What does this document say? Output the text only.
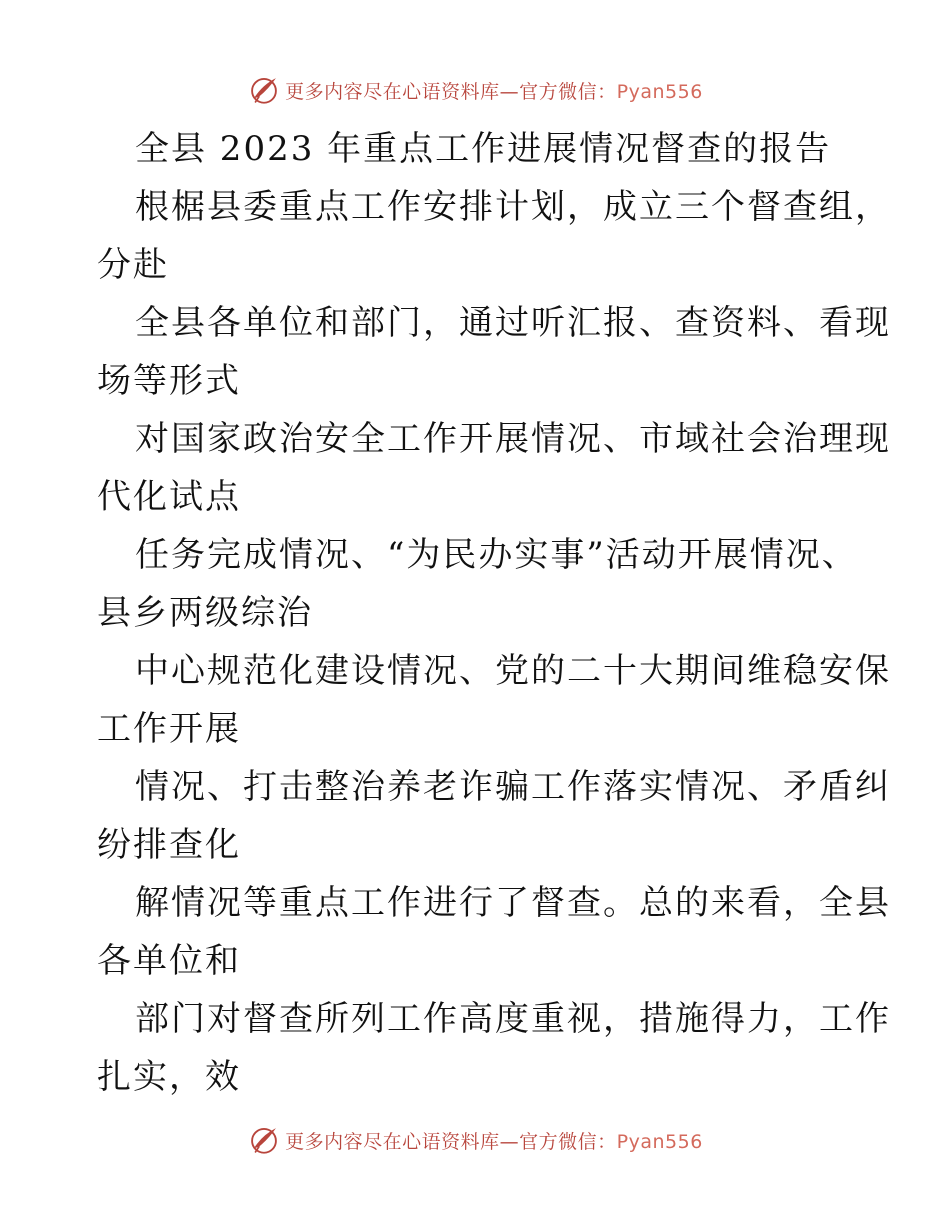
更多内容尽在心语资料库—官方微信：Pyan556
全县 2023 年重点工作进展情况督查的报告
根椐县委重点工作安排计划，成立三个督查组，
分赴
全县各单位和部门，通过听汇报、查资料、看现
场等形式
对国家政治安全工作开展情况、市域社会治理现
代化试点
任务完成情况、“为民办实事”活动开展情况、
县乡两级综治
中心规范化建设情况、党的二十大期间维稳安保
工作开展
情况、打击整治养老诈骗工作落实情况、矛盾纠
纷排查化
解情况等重点工作进行了督查。总的来看，全县
各单位和
部门对督查所列工作高度重视，措施得力，工作
扎实，效
更多内容尽在心语资料库—官方微信：Pyan556
